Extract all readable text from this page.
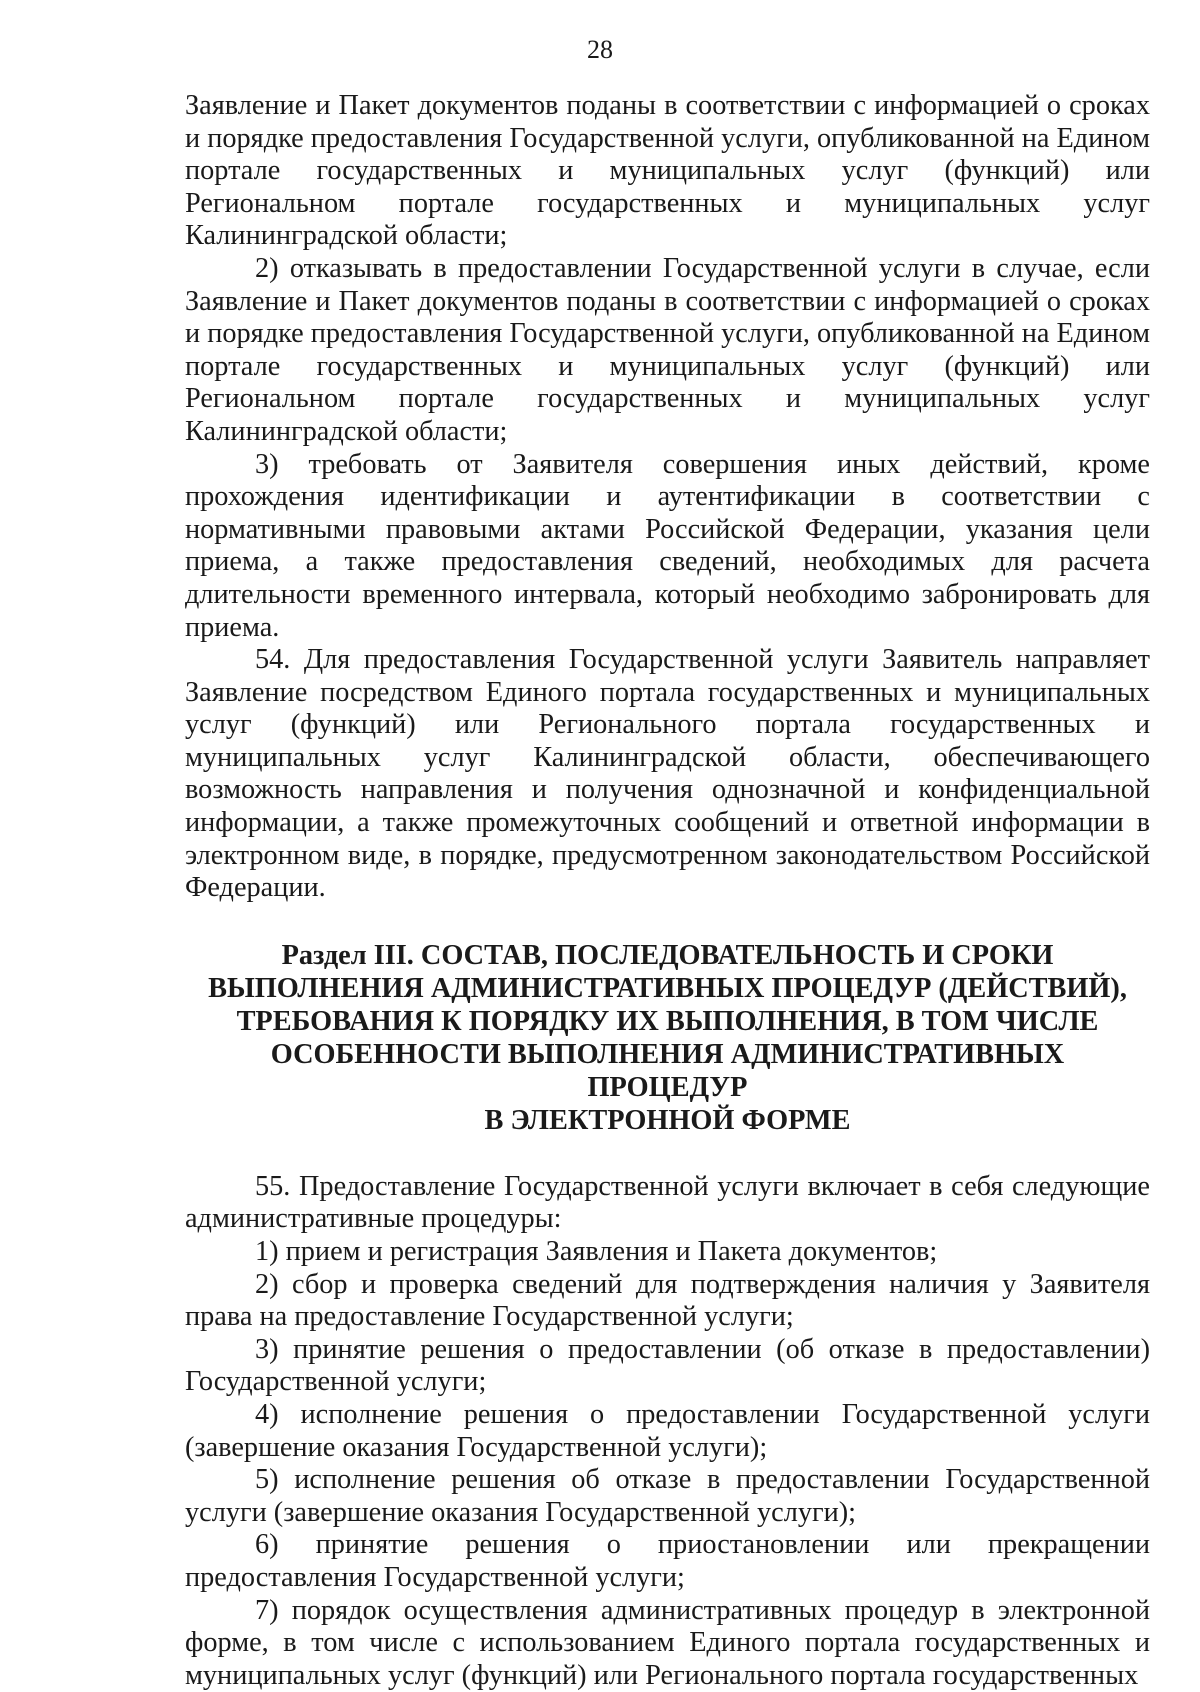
28

Заявление и Пакет документов поданы в соответствии с информацией о сроках и порядке предоставления Государственной услуги, опубликованной на Едином портале государственных и муниципальных услуг (функций) или Региональном портале государственных и муниципальных услуг Калининградской области;

2) отказывать в предоставлении Государственной услуги в случае, если Заявление и Пакет документов поданы в соответствии с информацией о сроках и порядке предоставления Государственной услуги, опубликованной на Едином портале государственных и муниципальных услуг (функций) или Региональном портале государственных и муниципальных услуг Калининградской области;

3) требовать от Заявителя совершения иных действий, кроме прохождения идентификации и аутентификации в соответствии с нормативными правовыми актами Российской Федерации, указания цели приема, а также предоставления сведений, необходимых для расчета длительности временного интервала, который необходимо забронировать для приема.

54. Для предоставления Государственной услуги Заявитель направляет Заявление посредством Единого портала государственных и муниципальных услуг (функций) или Регионального портала государственных и муниципальных услуг Калининградской области, обеспечивающего возможность направления и получения однозначной и конфиденциальной информации, а также промежуточных сообщений и ответной информации в электронном виде, в порядке, предусмотренном законодательством Российской Федерации.

Раздел III. СОСТАВ, ПОСЛЕДОВАТЕЛЬНОСТЬ И СРОКИ
ВЫПОЛНЕНИЯ АДМИНИСТРАТИВНЫХ ПРОЦЕДУР (ДЕЙСТВИЙ),
ТРЕБОВАНИЯ К ПОРЯДКУ ИХ ВЫПОЛНЕНИЯ, В ТОМ ЧИСЛЕ
ОСОБЕННОСТИ ВЫПОЛНЕНИЯ АДМИНИСТРАТИВНЫХ ПРОЦЕДУР
В ЭЛЕКТРОННОЙ ФОРМЕ

55. Предоставление Государственной услуги включает в себя следующие административные процедуры:

1) прием и регистрация Заявления и Пакета документов;

2) сбор и проверка сведений для подтверждения наличия у Заявителя права на предоставление Государственной услуги;

3) принятие решения о предоставлении (об отказе в предоставлении) Государственной услуги;

4) исполнение решения о предоставлении Государственной услуги (завершение оказания Государственной услуги);

5) исполнение решения об отказе в предоставлении Государственной услуги (завершение оказания Государственной услуги);

6) принятие решения о приостановлении или прекращении предоставления Государственной услуги;

7) порядок осуществления административных процедур в электронной форме, в том числе с использованием Единого портала государственных и муниципальных услуг (функций) или Регионального портала государственных
